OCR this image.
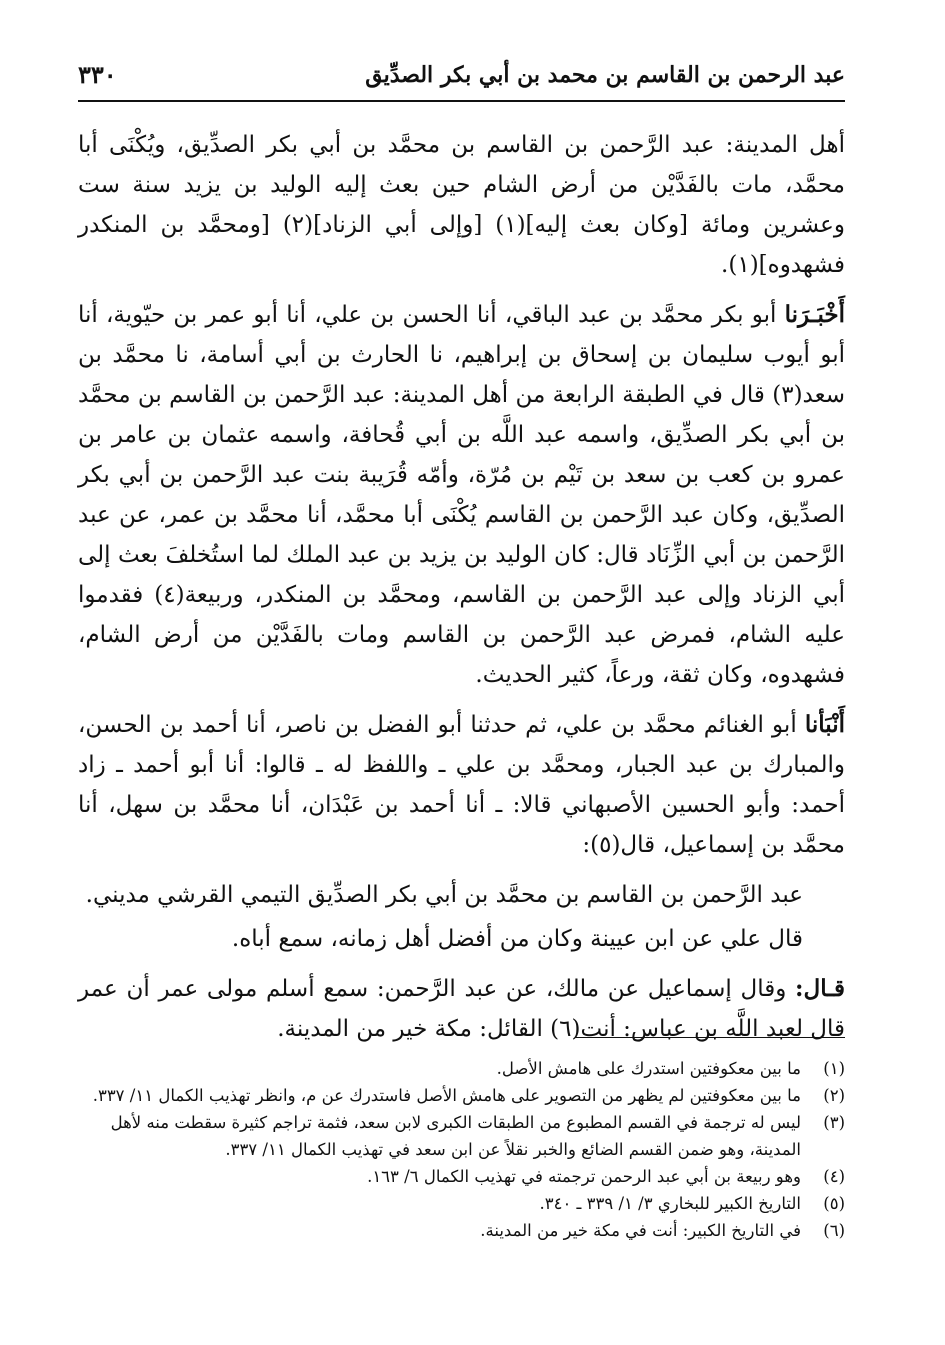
عبد الرحمن بن القاسم بن محمد بن أبي بكر الصدِّيق
٣٣٠

أهل المدينة: عبد الرَّحمن بن القاسم بن محمَّد بن أبي بكر الصدِّيق، ويُكْنَى أبا محمَّد، مات بالفَدَّيْن من أرض الشام حين بعث إليه الوليد بن يزيد سنة ست وعشرين ومائة [وكان بعث إليه](١) [وإلى أبي الزناد](٢) [ومحمَّد بن المنكدر فشهدوه](١).

أَخْبَـرَنا أبو بكر محمَّد بن عبد الباقي، أنا الحسن بن علي، أنا أبو عمر بن حيّوية، أنا أبو أيوب سليمان بن إسحاق بن إبراهيم، نا الحارث بن أبي أسامة، نا محمَّد بن سعد(٣) قال في الطبقة الرابعة من أهل المدينة: عبد الرَّحمن بن القاسم بن محمَّد بن أبي بكر الصدِّيق، واسمه عبد اللَّه بن أبي قُحافة، واسمه عثمان بن عامر بن عمرو بن كعب بن سعد بن تَيْم بن مُرّة، وأمّه قُرَيبة بنت عبد الرَّحمن بن أبي بكر الصدِّيق، وكان عبد الرَّحمن بن القاسم يُكْنَى أبا محمَّد، أنا محمَّد بن عمر، عن عبد الرَّحمن بن أبي الزِّنَاد قال: كان الوليد بن يزيد بن عبد الملك لما استُخلفَ بعث إلى أبي الزناد وإلى عبد الرَّحمن بن القاسم، ومحمَّد بن المنكدر، وربيعة(٤) فقدموا عليه الشام، فمرض عبد الرَّحمن بن القاسم ومات بالفَدَّيْن من أرض الشام، فشهدوه، وكان ثقة، ورعاً، كثير الحديث.

أَنْبَأنا أبو الغنائم محمَّد بن علي، ثم حدثنا أبو الفضل بن ناصر، أنا أحمد بن الحسن، والمبارك بن عبد الجبار، ومحمَّد بن علي ـ واللفظ له ـ قالوا: أنا أبو أحمد ـ زاد أحمد: وأبو الحسين الأصبهاني قالا: ـ أنا أحمد بن عَبْدَان، أنا محمَّد بن سهل، أنا محمَّد بن إسماعيل، قال(٥):

عبد الرَّحمن بن القاسم بن محمَّد بن أبي بكر الصدِّيق التيمي القرشي مديني.

قال علي عن ابن عيينة وكان من أفضل أهل زمانه، سمع أباه.

قـال: وقال إسماعيل عن مالك، عن عبد الرَّحمن: سمع أسلم مولى عمر أن عمر قال لعبد اللَّه بن عباس: أنت(٦) القائل: مكة خير من المدينة.

(١)
ما بين معكوفتين استدرك على هامش الأصل.
(٢)
ما بين معكوفتين لم يظهر من التصوير على هامش الأصل فاستدرك عن م، وانظر تهذيب الكمال ١١/ ٣٣٧.
(٣)
ليس له ترجمة في القسم المطبوع من الطبقات الكبرى لابن سعد، فثمة تراجم كثيرة سقطت منه لأهل المدينة، وهو ضمن القسم الضائع والخبر نقلاً عن ابن سعد في تهذيب الكمال ١١/ ٣٣٧.
(٤)
وهو ربيعة بن أبي عبد الرحمن ترجمته في تهذيب الكمال ٦/ ١٦٣.
(٥)
التاريخ الكبير للبخاري ٣/ ١/ ٣٣٩ ـ ٣٤٠.
(٦)
في التاريخ الكبير: أنت في مكة خير من المدينة.
